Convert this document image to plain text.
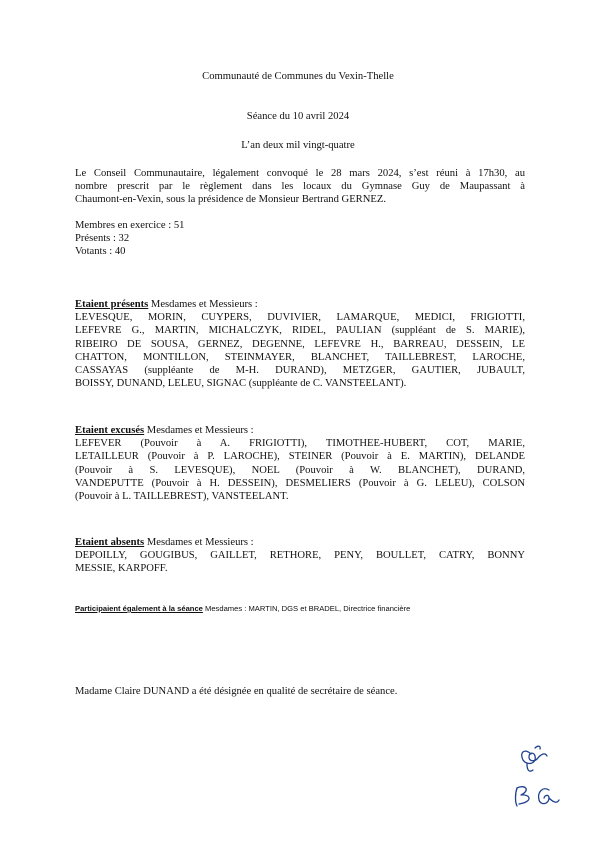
Communauté de Communes du Vexin-Thelle
Séance du 10 avril 2024
L’an deux mil vingt-quatre
Le Conseil Communautaire, légalement convoqué le 28 mars 2024, s’est réuni à 17h30, au
nombre prescrit par le règlement dans les locaux du Gymnase Guy de Maupassant à
Chaumont-en-Vexin, sous la présidence de Monsieur Bertrand GERNEZ.
Membres en exercice : 51
Présents : 32
Votants : 40
Etaient présents Mesdames et Messieurs :
LEVESQUE, MORIN, CUYPERS, DUVIVIER, LAMARQUE, MEDICI, FRIGIOTTI,
LEFEVRE G., MARTIN, MICHALCZYK, RIDEL, PAULIAN (suppléant de S. MARIE),
RIBEIRO DE SOUSA, GERNEZ, DEGENNE, LEFEVRE H., BARREAU, DESSEIN, LE
CHATTON, MONTILLON, STEINMAYER, BLANCHET, TAILLEBREST, LAROCHE,
CASSAYAS (suppléante de M-H. DURAND), METZGER, GAUTIER, JUBAULT,
BOISSY, DUNAND, LELEU, SIGNAC (suppléante de C. VANSTEELANT).
Etaient excusés Mesdames et Messieurs :
LEFEVER (Pouvoir à A. FRIGIOTTI), TIMOTHEE-HUBERT, COT, MARIE,
LETAILLEUR (Pouvoir à P. LAROCHE), STEINER (Pouvoir à E. MARTIN), DELANDE
(Pouvoir à S. LEVESQUE), NOEL (Pouvoir à W. BLANCHET), DURAND,
VANDEPUTTE (Pouvoir à H. DESSEIN), DESMELIERS (Pouvoir à G. LELEU), COLSON
(Pouvoir à L. TAILLEBREST), VANSTEELANT.
Etaient absents Mesdames et Messieurs :
DEPOILLY, GOUGIBUS, GAILLET, RETHORE, PENY, BOULLET, CATRY, BONNY
MESSIE, KARPOFF.
Participaient également à la séance Mesdames : MARTIN, DGS et BRADEL, Directrice financière
Madame Claire DUNAND a été désignée en qualité de secrétaire de séance.
